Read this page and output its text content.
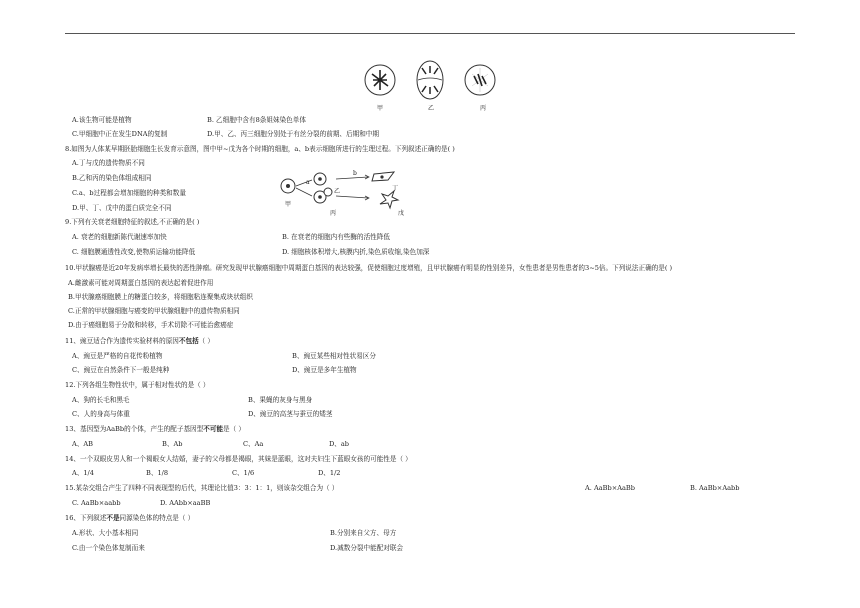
甲	乙	丙
A.该生物可能是植物	B. 乙细胞中含有8条姐妹染色单体
C.甲细胞中正在发生DNA的复制	D.甲、乙、丙三细胞分别处于有丝分裂的前期、后期和中期
8.如图为人体某早期胚胎细胞生长发育示意图，图中甲~戊为各个时期的细胞，a、b表示细胞所进行的生理过程。下列叙述正确的是( )
A.丁与戊的遗传物质不同
B.乙和丙的染色体组成相同
C.a、b过程都会增加细胞的种类和数量
D.甲、丁、戊中的蛋白质完全不同	甲
乙
丙
丁
戊
a
b
9.下列有关衰老细胞特征的叙述,不正确的是( )
A. 衰老的细胞新陈代谢速率加快	B. 在衰老的细胞内有些酶的活性降低
C. 细胞膜通透性改变,使物质运输功能降低	D. 细胞核体积增大,核膜内折,染色质收缩,染色加深
10.甲状腺癌是近20年发病率增长最快的恶性肿瘤。研究发现甲状腺癌细胞中周期蛋白基因的表达较强，促使细胞过度增殖，且甲状腺癌有明显的性别差异，女性患者是男性患者的3~5倍。下列说法正确的是( )
A.雌激素可能对周期蛋白基因的表达起着促进作用
B.甲状腺癌细胞膜上的糖蛋白较多，将细胞粘连聚集成块状组织
C.正常的甲状腺细胞与癌变的甲状腺细胞中的遗传物质相同
D.由于癌细胞易于分散和转移，手术切除不可能治愈癌症
11、豌豆适合作为遗传实验材料的原因不包括（ ）
A、豌豆是严格的自花传粉植物	B、豌豆某些相对性状易区分
C、豌豆在自然条件下一般是纯种	D、豌豆是多年生植物
12.下列各组生物性状中，属于相对性状的是（ ）
A、狗的长毛和黑毛	B、果蝇的灰身与黑身
C、人的身高与体重	D、豌豆的高茎与蚕豆的矮茎
13、基因型为AaBb的个体，产生的配子基因型不可能是（ ）
A、AB	B、Ab	C、Aa	D、ab
14、一个双眼皮男人和一个褐眼女人结婚，妻子的父母都是褐眼，其妹是蓝眼，这对夫妇生下蓝眼女孩的可能性是（ ）
A、1/4	B、1/8	C、1/6	D、1/2
15.某杂交组合产生了四种不同表现型的后代，其理论比值3：3：1：1，则该杂交组合为（ ）	A. AaBb×AaBb	B. AaBb×Aabb
C. AaBb×aabb	D. AAbb×aaBB
16、下列叙述不是同源染色体的特点是（ ）
A.形状、大小基本相同	B.分别来自父方、母方
C.由一个染色体复制而来	D.减数分裂中能配对联会
